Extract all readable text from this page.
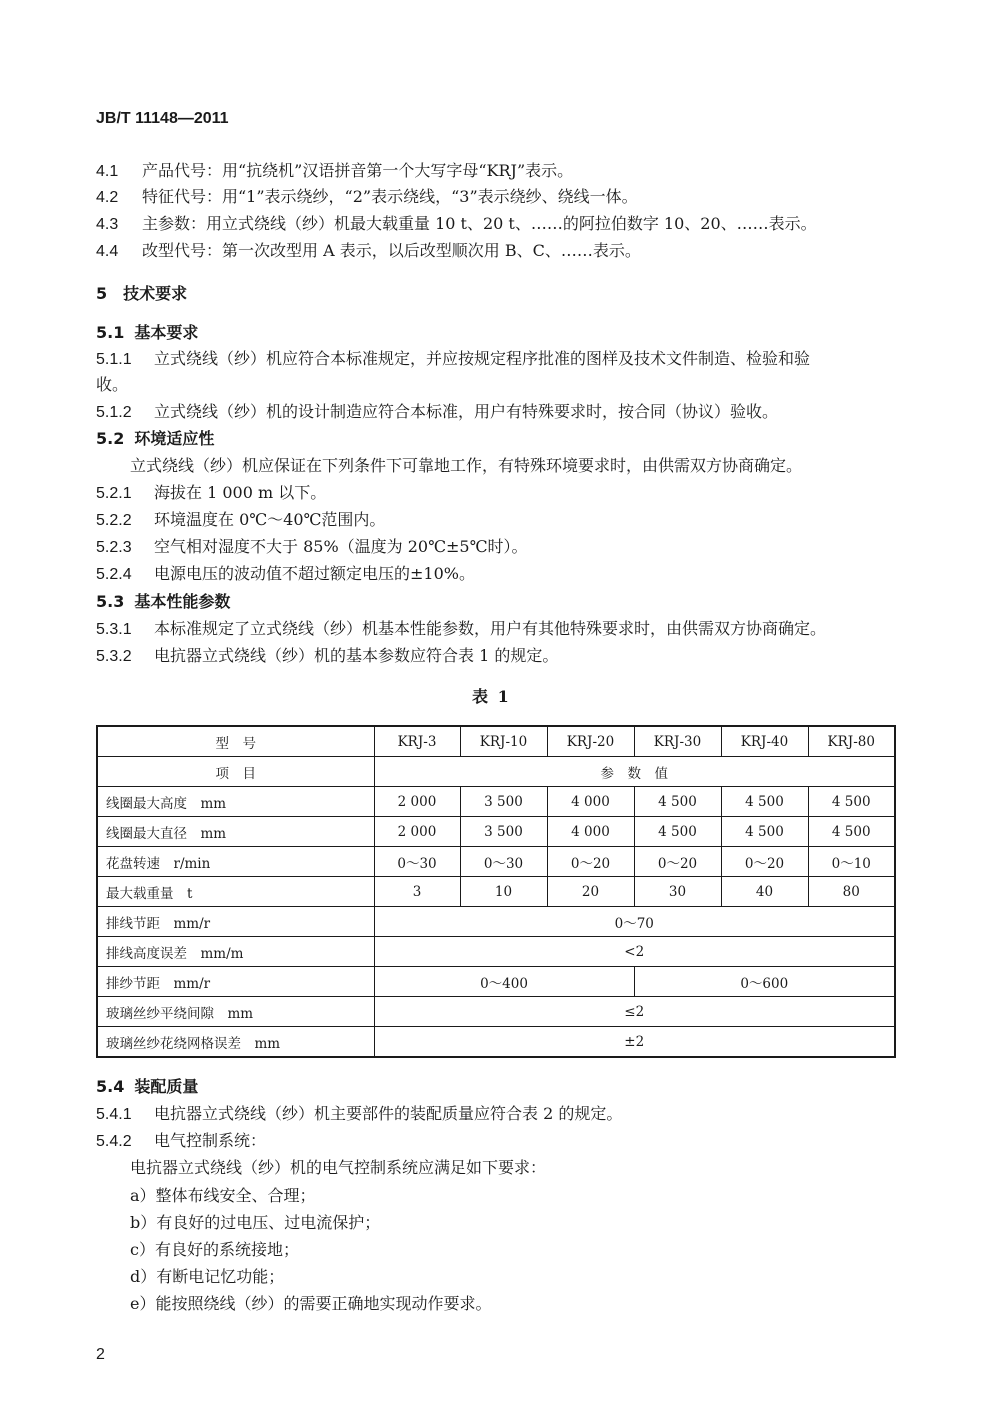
JB/T 11148—2011
4.1 产品代号：用“抗绕机”汉语拼音第一个大写字母“KRJ”表示。
4.2 特征代号：用“1”表示绕纱，“2”表示绕线，“3”表示绕纱、绕线一体。
4.3 主参数：用立式绕线（纱）机最大载重量 10 t、20 t、……的阿拉伯数字 10、20、……表示。
4.4 改型代号：第一次改型用 A 表示，以后改型顺次用 B、C、……表示。
5 技术要求
5.1 基本要求
5.1.1 立式绕线（纱）机应符合本标准规定，并应按规定程序批准的图样及技术文件制造、检验和验
收。
5.1.2 立式绕线（纱）机的设计制造应符合本标准，用户有特殊要求时，按合同（协议）验收。
5.2 环境适应性
立式绕线（纱）机应保证在下列条件下可靠地工作，有特殊环境要求时，由供需双方协商确定。
5.2.1 海拔在 1 000 m 以下。
5.2.2 环境温度在 0℃～40℃范围内。
5.2.3 空气相对湿度不大于 85%（温度为 20℃±5℃时）。
5.2.4 电源电压的波动值不超过额定电压的±10%。
5.3 基本性能参数
5.3.1 本标准规定了立式绕线（纱）机基本性能参数，用户有其他特殊要求时，由供需双方协商确定。
5.3.2 电抗器立式绕线（纱）机的基本参数应符合表 1 的规定。
表 1
型　号	KRJ-3	KRJ-10	KRJ-20	KRJ-30	KRJ-40	KRJ-80
项　目	参　数　值					
线圈最大高度　mm	2 000	3 500	4 000	4 500	4 500	4 500
线圈最大直径　mm	2 000	3 500	4 000	4 500	4 500	4 500
花盘转速　r/min	0～30	0～30	0～20	0～20	0～20	0～10
最大载重量　t	3	10	20	30	40	80
排线节距　mm/r	0～70					
排线高度误差　mm/m	<2					
排纱节距　mm/r	0～400			0～600		
玻璃丝纱平绕间隙　mm	≤2					
玻璃丝纱花绕网格误差　mm	±2					
5.4 装配质量
5.4.1 电抗器立式绕线（纱）机主要部件的装配质量应符合表 2 的规定。
5.4.2 电气控制系统：
电抗器立式绕线（纱）机的电气控制系统应满足如下要求：
a）整体布线安全、合理；
b）有良好的过电压、过电流保护；
c）有良好的系统接地；
d）有断电记忆功能；
e）能按照绕线（纱）的需要正确地实现动作要求。
2
